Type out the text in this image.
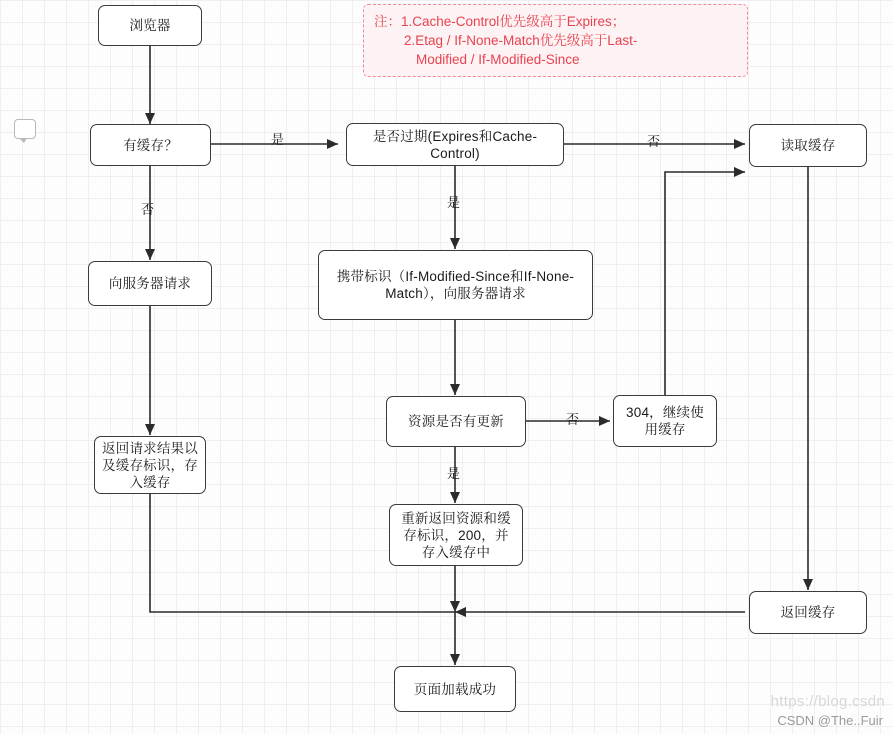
注：1.Cache-Control优先级高于Expires；
2.Etag / If-None-Match优先级高于Last-
Modified / If-Modified-Since
浏览器
有缓存？
是否过期(Expires和Cache-Control)	读取缓存
向服务器请求	携带标识（If-Modified-Since和If-None-Match），向服务器请求
资源是否有更新
304，继续使用缓存
返回请求结果以及缓存标识，存入缓存
重新返回资源和缓存标识，200，并存入缓存中
返回缓存
页面加载成功
是
否
否
是
否
是
https://blog.csdn
CSDN @The..Fuir
